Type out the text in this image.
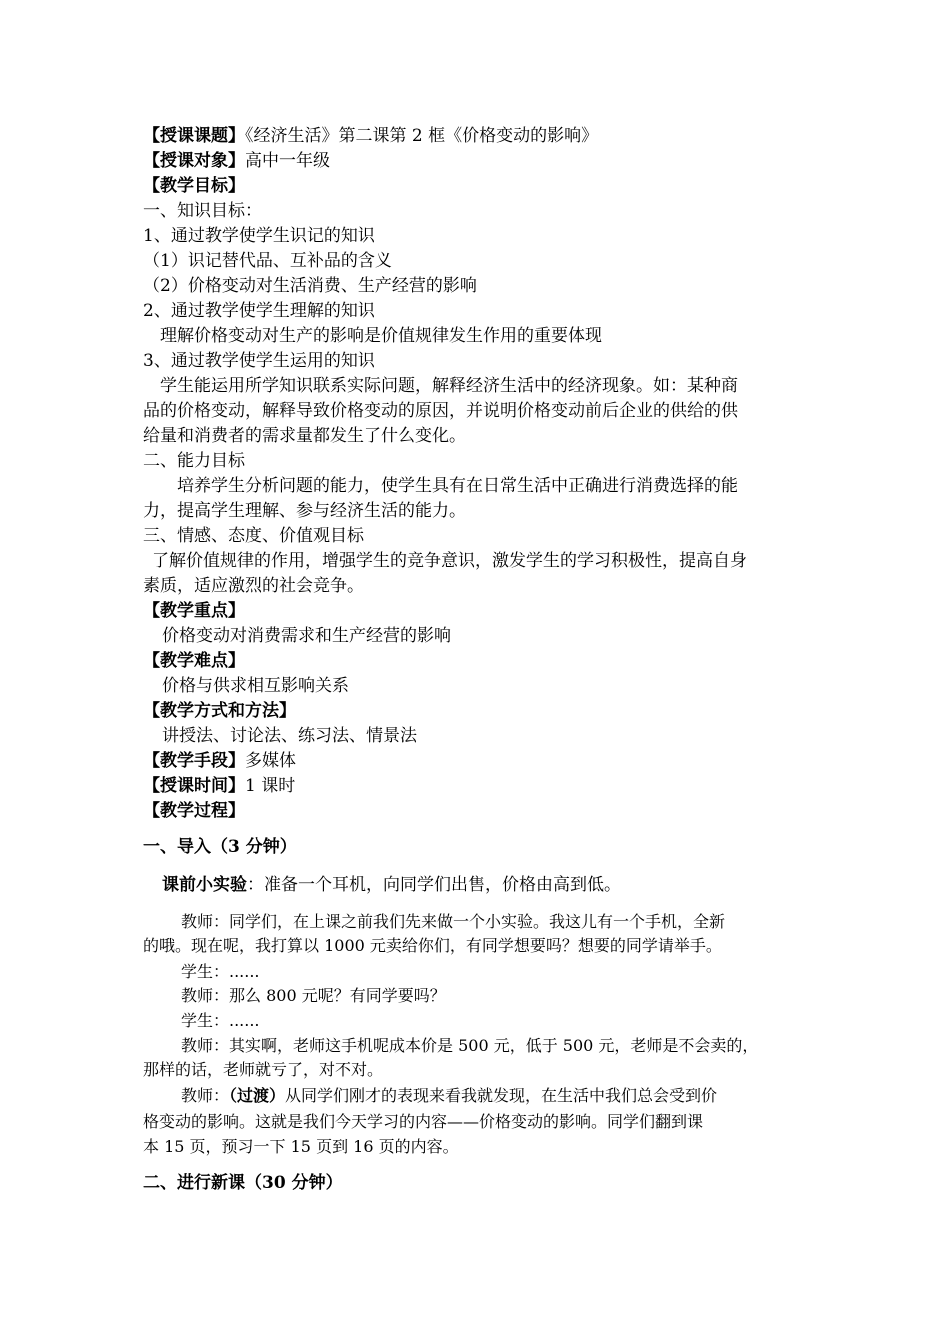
【授课课题】《经济生活》第二课第 2 框《价格变动的影响》
【授课对象】高中一年级
【教学目标】
一、知识目标：
1、通过教学使学生识记的知识
（1）识记替代品、互补品的含义
（2）价格变动对生活消费、生产经营的影响
2、通过教学使学生理解的知识
理解价格变动对生产的影响是价值规律发生作用的重要体现
3、通过教学使学生运用的知识
学生能运用所学知识联系实际问题，解释经济生活中的经济现象。如：某种商
品的价格变动，解释导致价格变动的原因，并说明价格变动前后企业的供给的供
给量和消费者的需求量都发生了什么变化。
二、能力目标
培养学生分析问题的能力，使学生具有在日常生活中正确进行消费选择的能
力，提高学生理解、参与经济生活的能力。
三、情感、态度、价值观目标
了解价值规律的作用，增强学生的竞争意识，激发学生的学习积极性，提高自身
素质，适应激烈的社会竞争。
【教学重点】
价格变动对消费需求和生产经营的影响
【教学难点】
价格与供求相互影响关系
【教学方式和方法】
讲授法、讨论法、练习法、情景法
【教学手段】多媒体
【授课时间】1 课时
【教学过程】
一、导入（3 分钟）
课前小实验：准备一个耳机，向同学们出售，价格由高到低。
教师：同学们，在上课之前我们先来做一个小实验。我这儿有一个手机，全新
的哦。现在呢，我打算以 1000 元卖给你们，有同学想要吗？想要的同学请举手。
学生：......
教师：那么 800 元呢？有同学要吗？
学生：......
教师：其实啊，老师这手机呢成本价是 500 元，低于 500 元，老师是不会卖的，
那样的话，老师就亏了，对不对。
教师：（过渡）从同学们刚才的表现来看我就发现，在生活中我们总会受到价
格变动的影响。这就是我们今天学习的内容——价格变动的影响。同学们翻到课
本 15 页，预习一下 15 页到 16 页的内容。
二、进行新课（30 分钟）
